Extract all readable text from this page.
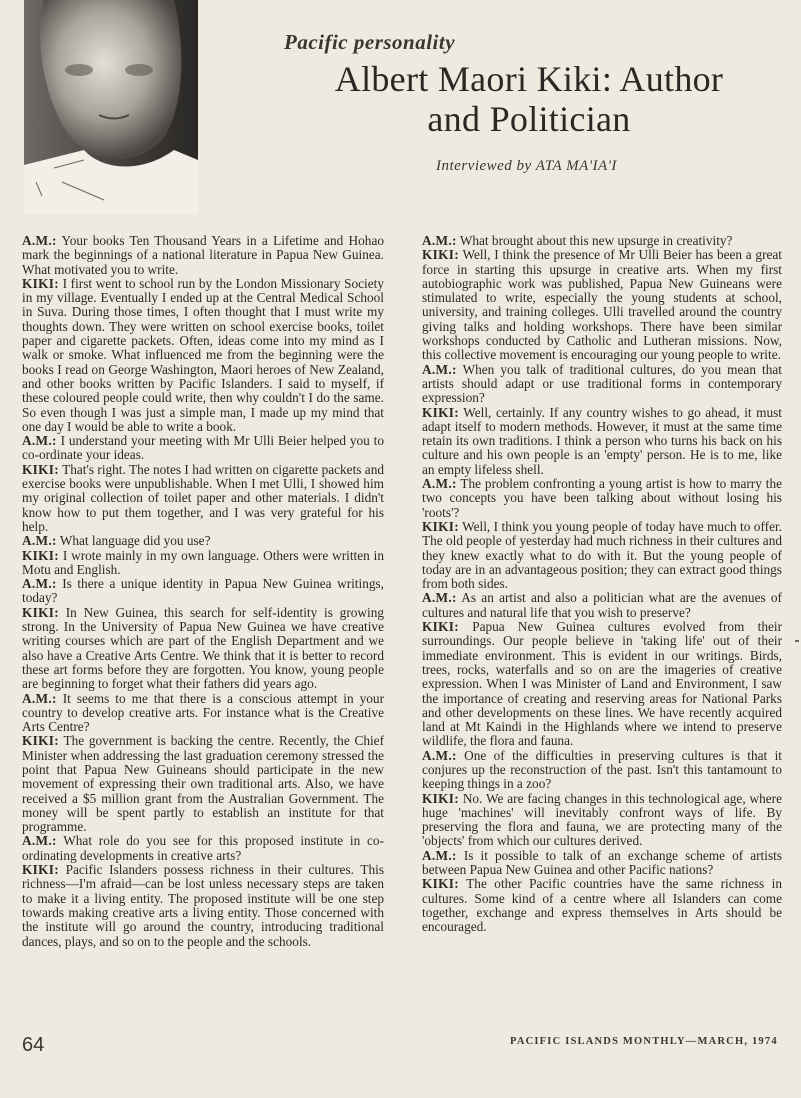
Pacific personality
Albert Maori Kiki: Author
and Politician
Interviewed by ATA MA'IA'I

A.M.: Your books Ten Thousand Years in a Lifetime and Hohao mark the beginnings of a national literature in Papua New Guinea. What motivated you to write.

KIKI: I first went to school run by the London Missionary Society in my village. Eventually I ended up at the Central Medical School in Suva. During those times, I often thought that I must write my thoughts down. They were written on school exercise books, toilet paper and cigarette packets. Often, ideas come into my mind as I walk or smoke. What influenced me from the beginning were the books I read on George Washington, Maori heroes of New Zealand, and other books written by Pacific Islanders. I said to myself, if these coloured people could write, then why couldn't I do the same. So even though I was just a simple man, I made up my mind that one day I would be able to write a book.

A.M.: I understand your meeting with Mr Ulli Beier helped you to co-ordinate your ideas.

KIKI: That's right. The notes I had written on cigarette packets and exercise books were unpublishable. When I met Ulli, I showed him my original collection of toilet paper and other materials. I didn't know how to put them together, and I was very grateful for his help.

A.M.: What language did you use?

KIKI: I wrote mainly in my own language. Others were written in Motu and English.

A.M.: Is there a unique identity in Papua New Guinea writings, today?

KIKI: In New Guinea, this search for self-identity is growing strong. In the University of Papua New Guinea we have creative writing courses which are part of the English Department and we also have a Creative Arts Centre. We think that it is better to record these art forms before they are forgotten. You know, young people are beginning to forget what their fathers did years ago.

A.M.: It seems to me that there is a conscious attempt in your country to develop creative arts. For instance what is the Creative Arts Centre?

KIKI: The government is backing the centre. Recently, the Chief Minister when addressing the last graduation ceremony stressed the point that Papua New Guineans should participate in the new movement of expressing their own traditional arts. Also, we have received a $5 million grant from the Australian Government. The money will be spent partly to establish an institute for that programme.

A.M.: What role do you see for this proposed institute in co-ordinating developments in creative arts?

KIKI: Pacific Islanders possess richness in their cultures. This richness—I'm afraid—can be lost unless necessary steps are taken to make it a living entity. The proposed institute will be one step towards making creative arts a living entity. Those concerned with the institute will go around the country, introducing traditional dances, plays, and so on to the people and the schools.

A.M.: What brought about this new upsurge in creativity?

KIKI: Well, I think the presence of Mr Ulli Beier has been a great force in starting this upsurge in creative arts. When my first autobiographic work was published, Papua New Guineans were stimulated to write, especially the young students at school, university, and training colleges. Ulli travelled around the country giving talks and holding workshops. There have been similar workshops conducted by Catholic and Lutheran missions. Now, this collective movement is encouraging our young people to write.

A.M.: When you talk of traditional cultures, do you mean that artists should adapt or use traditional forms in contemporary expression?

KIKI: Well, certainly. If any country wishes to go ahead, it must adapt itself to modern methods. However, it must at the same time retain its own traditions. I think a person who turns his back on his culture and his own people is an 'empty' person. He is to me, like an empty lifeless shell.

A.M.: The problem confronting a young artist is how to marry the two concepts you have been talking about without losing his 'roots'?

KIKI: Well, I think you young people of today have much to offer. The old people of yesterday had much richness in their cultures and they knew exactly what to do with it. But the young people of today are in an advantageous position; they can extract good things from both sides.

A.M.: As an artist and also a politician what are the avenues of cultures and natural life that you wish to preserve?

KIKI: Papua New Guinea cultures evolved from their surroundings. Our people believe in 'taking life' out of their immediate environment. This is evident in our writings. Birds, trees, rocks, waterfalls and so on are the imageries of creative expression. When I was Minister of Land and Environment, I saw the importance of creating and reserving areas for National Parks and other developments on these lines. We have recently acquired land at Mt Kaindi in the Highlands where we intend to preserve wildlife, the flora and fauna.

A.M.: One of the difficulties in preserving cultures is that it conjures up the reconstruction of the past. Isn't this tantamount to keeping things in a zoo?

KIKI: No. We are facing changes in this technological age, where huge 'machines' will inevitably confront ways of life. By preserving the flora and fauna, we are protecting many of the 'objects' from which our cultures derived.

A.M.: Is it possible to talk of an exchange scheme of artists between Papua New Guinea and other Pacific nations?

KIKI: The other Pacific countries have the same richness in cultures. Some kind of a centre where all Islanders can come together, exchange and express themselves in Arts should be encouraged.

64	PACIFIC ISLANDS MONTHLY—MARCH, 1974
